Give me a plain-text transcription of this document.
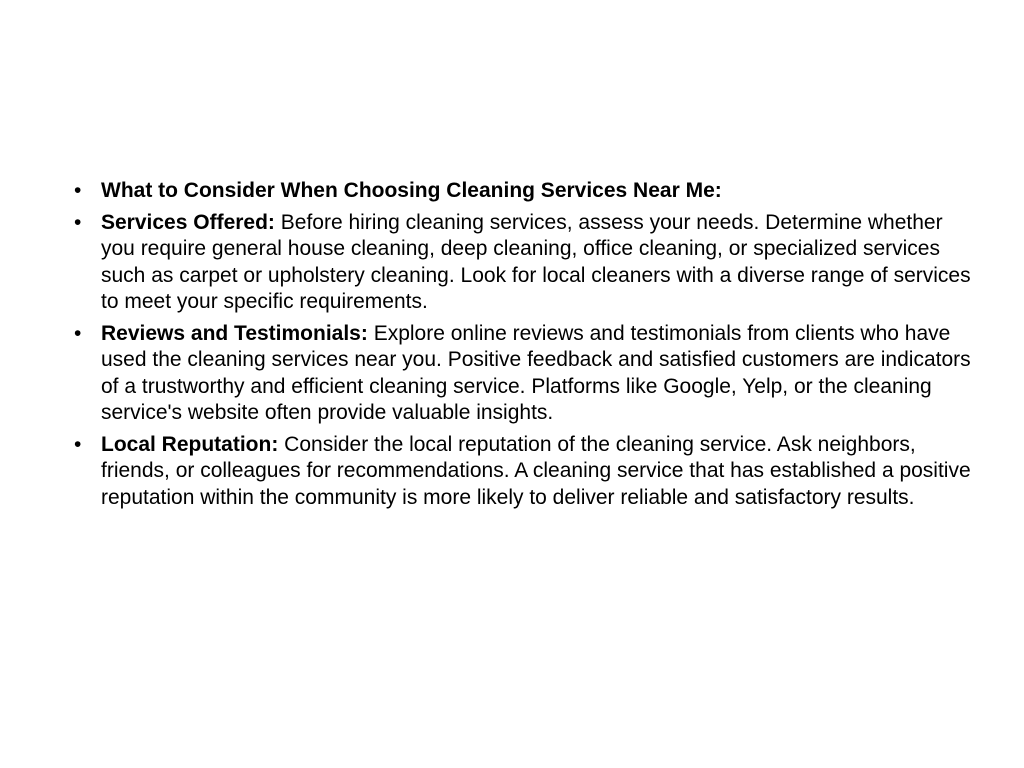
• What to Consider When Choosing Cleaning Services Near Me:
• Services Offered: Before hiring cleaning services, assess your needs. Determine whether you require general house cleaning, deep cleaning, office cleaning, or specialized services such as carpet or upholstery cleaning. Look for local cleaners with a diverse range of services to meet your specific requirements.
• Reviews and Testimonials: Explore online reviews and testimonials from clients who have used the cleaning services near you. Positive feedback and satisfied customers are indicators of a trustworthy and efficient cleaning service. Platforms like Google, Yelp, or the cleaning service's website often provide valuable insights.
• Local Reputation: Consider the local reputation of the cleaning service. Ask neighbors, friends, or colleagues for recommendations. A cleaning service that has established a positive reputation within the community is more likely to deliver reliable and satisfactory results.
